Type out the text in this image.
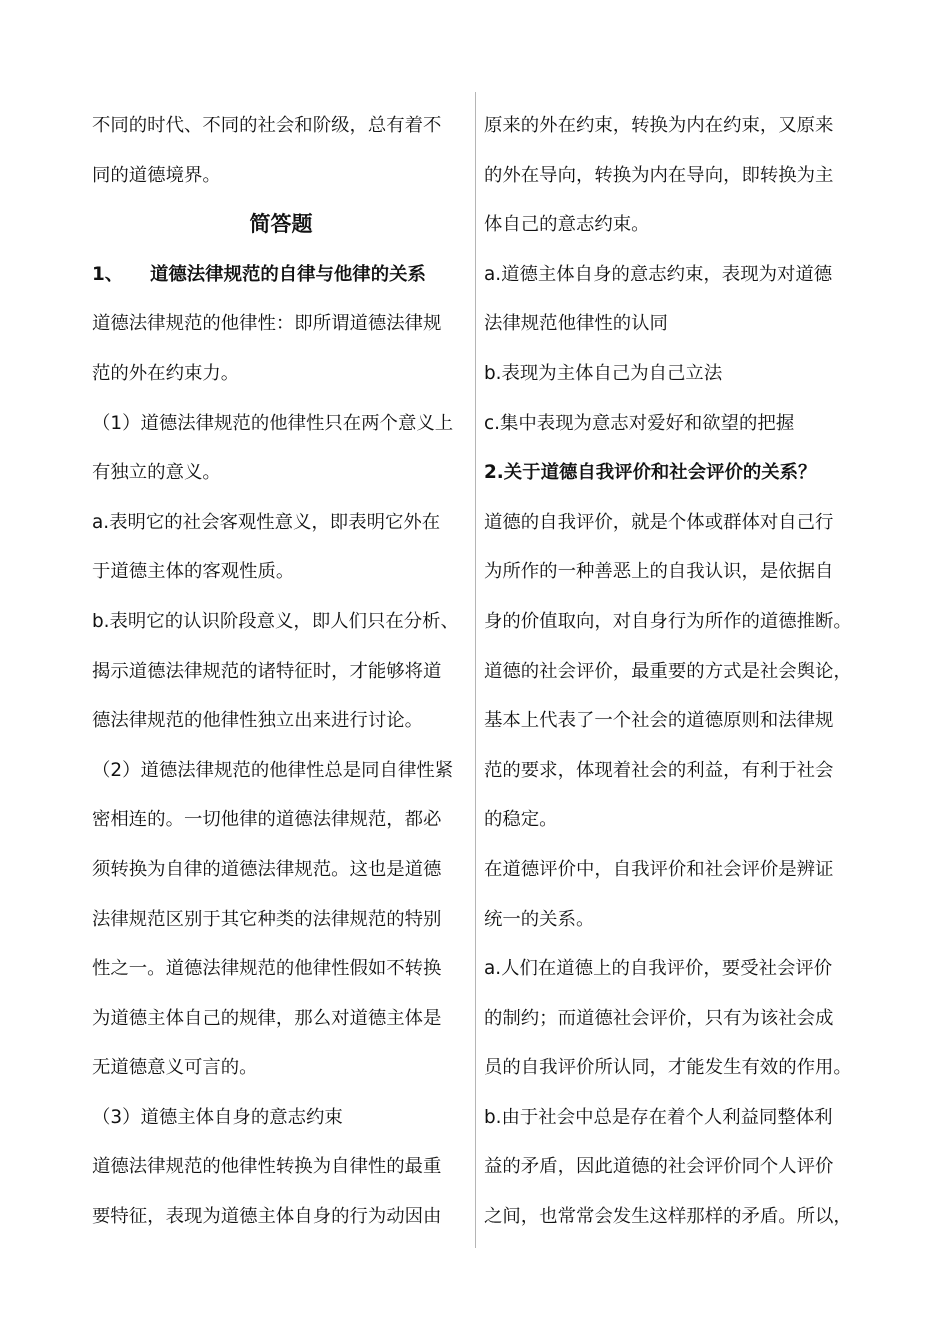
不同的时代、不同的社会和阶级，总有着不
同的道德境界。
简答题
1、 道德法律规范的自律与他律的关系
道德法律规范的他律性：即所谓道德法律规
范的外在约束力。
（1）道德法律规范的他律性只在两个意义上
有独立的意义。
a.表明它的社会客观性意义，即表明它外在
于道德主体的客观性质。
b.表明它的认识阶段意义，即人们只在分析、
揭示道德法律规范的诸特征时，才能够将道
德法律规范的他律性独立出来进行讨论。
（2）道德法律规范的他律性总是同自律性紧
密相连的。一切他律的道德法律规范，都必
须转换为自律的道德法律规范。这也是道德
法律规范区别于其它种类的法律规范的特别
性之一。道德法律规范的他律性假如不转换
为道德主体自己的规律，那么对道德主体是
无道德意义可言的。
（3）道德主体自身的意志约束
道德法律规范的他律性转换为自律性的最重
要特征，表现为道德主体自身的行为动因由
原来的外在约束，转换为内在约束，又原来
的外在导向，转换为内在导向，即转换为主
体自己的意志约束。
a.道德主体自身的意志约束，表现为对道德
法律规范他律性的认同
b.表现为主体自己为自己立法
c.集中表现为意志对爱好和欲望的把握
2.关于道德自我评价和社会评价的关系？
道德的自我评价，就是个体或群体对自己行
为所作的一种善恶上的自我认识，是依据自
身的价值取向，对自身行为所作的道德推断。
道德的社会评价，最重要的方式是社会舆论，
基本上代表了一个社会的道德原则和法律规
范的要求，体现着社会的利益，有利于社会
的稳定。
在道德评价中，自我评价和社会评价是辨证
统一的关系。
a.人们在道德上的自我评价，要受社会评价
的制约；而道德社会评价，只有为该社会成
员的自我评价所认同，才能发生有效的作用。
b.由于社会中总是存在着个人利益同整体利
益的矛盾，因此道德的社会评价同个人评价
之间，也常常会发生这样那样的矛盾。所以，
